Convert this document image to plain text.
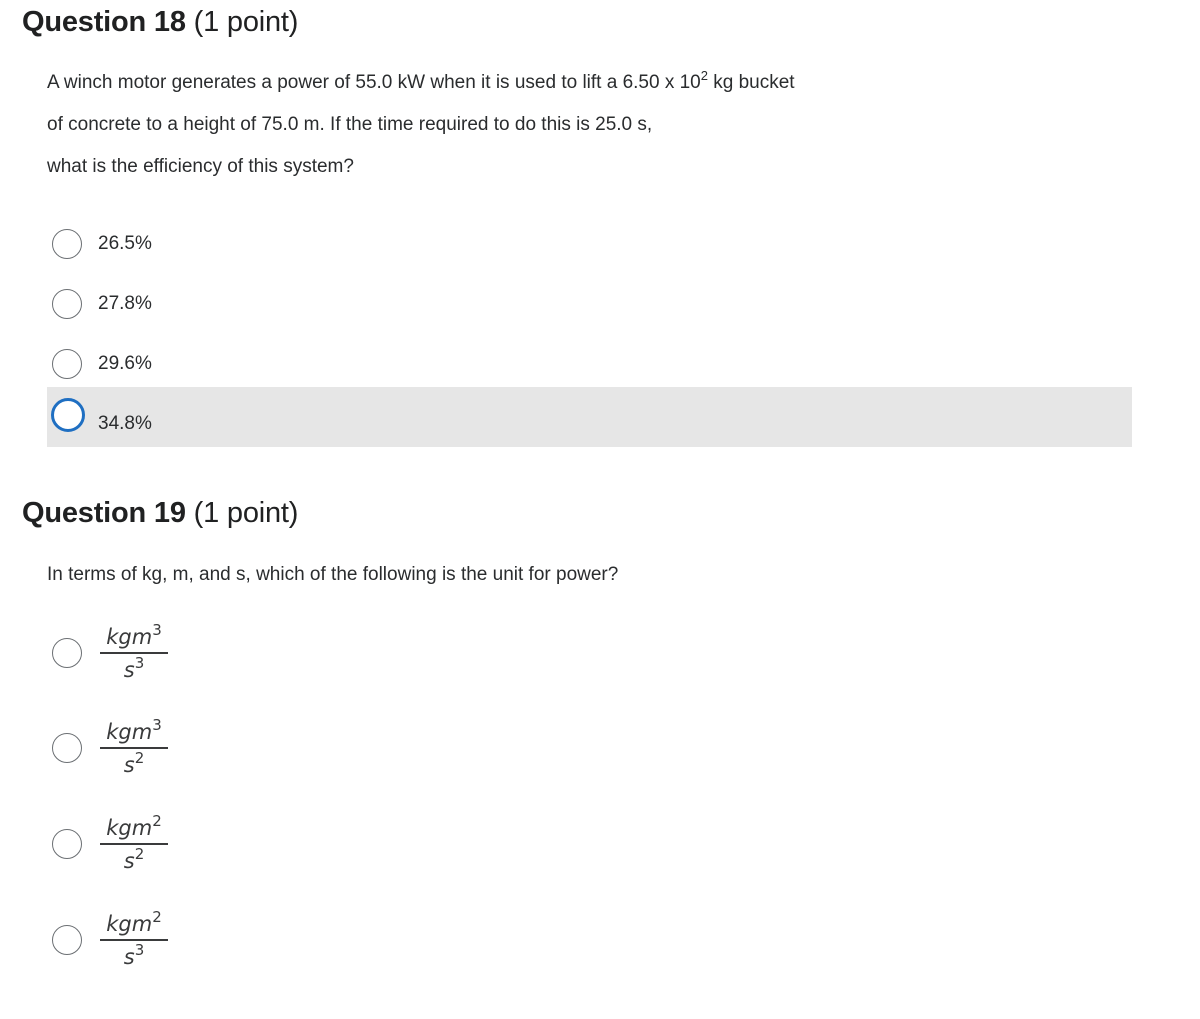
Question 18 (1 point)
A winch motor generates a power of 55.0 kW when it is used to lift a 6.50 x $10^2$ kg bucket
of concrete to a height of 75.0 m. If the time required to do this is 25.0 s,
what is the efficiency of this system?
26.5%
27.8%
29.6%
34.8%
Question 19 (1 point)
In terms of kg, m, and s, which of the following is the unit for power?
kgm$^3$
$s^3$
kgm$^3$
$s^2$
kgm$^2$
$s^2$
kgm$^2$
$s^3$
